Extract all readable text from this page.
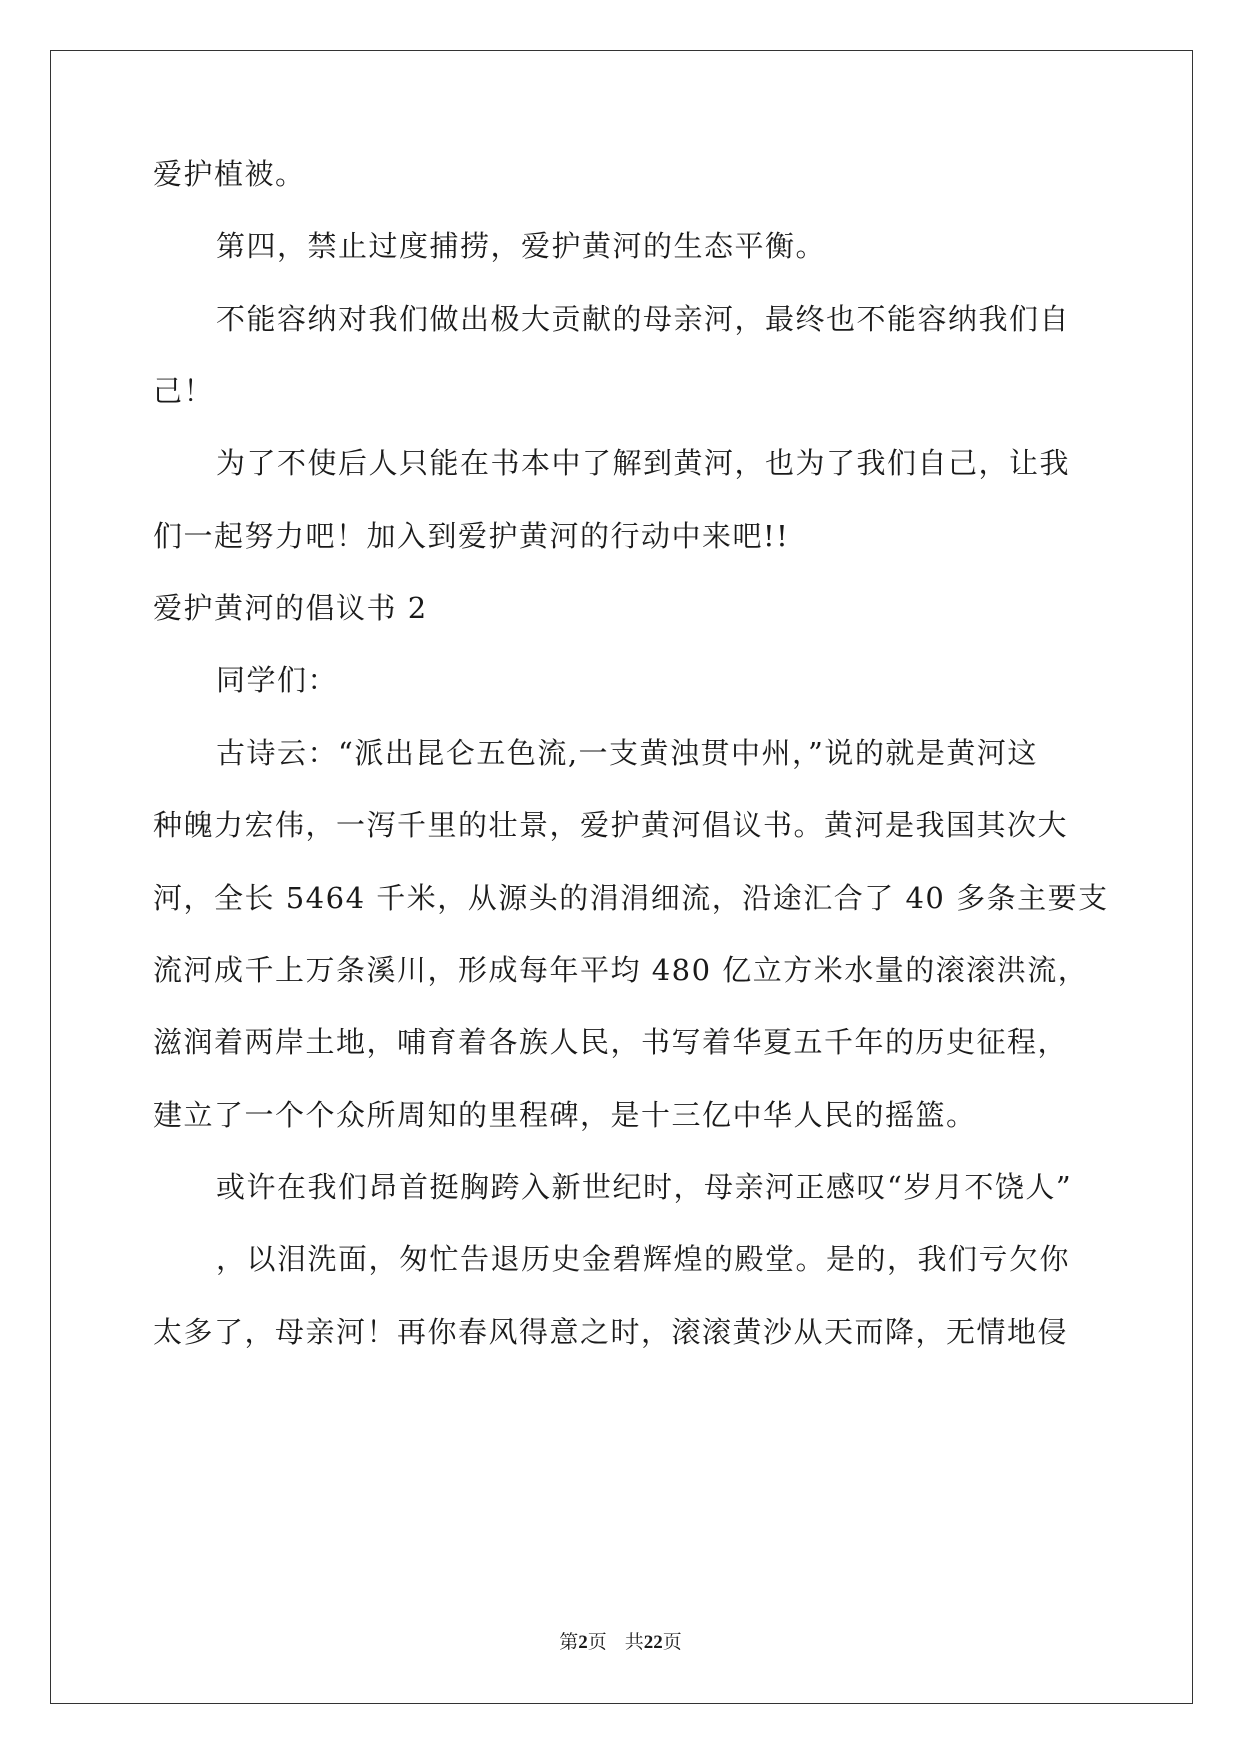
爱护植被。
第四，禁止过度捕捞，爱护黄河的生态平衡。
不能容纳对我们做出极大贡献的母亲河，最终也不能容纳我们自
己！
为了不使后人只能在书本中了解到黄河，也为了我们自己，让我
们一起努力吧！加入到爱护黄河的行动中来吧!!
爱护黄河的倡议书 2
同学们：
古诗云：“派出昆仑五色流,一支黄浊贯中州，”说的就是黄河这
种魄力宏伟，一泻千里的壮景，爱护黄河倡议书。黄河是我国其次大
河，全长 5464 千米，从源头的涓涓细流，沿途汇合了 40 多条主要支
流河成千上万条溪川，形成每年平均 480 亿立方米水量的滚滚洪流，
滋润着两岸土地，哺育着各族人民，书写着华夏五千年的历史征程，
建立了一个个众所周知的里程碑，是十三亿中华人民的摇篮。
或许在我们昂首挺胸跨入新世纪时，母亲河正感叹“岁月不饶人”
，以泪洗面，匆忙告退历史金碧辉煌的殿堂。是的，我们亏欠你
太多了，母亲河！再你春风得意之时，滚滚黄沙从天而降，无情地侵
第2页 共22页
